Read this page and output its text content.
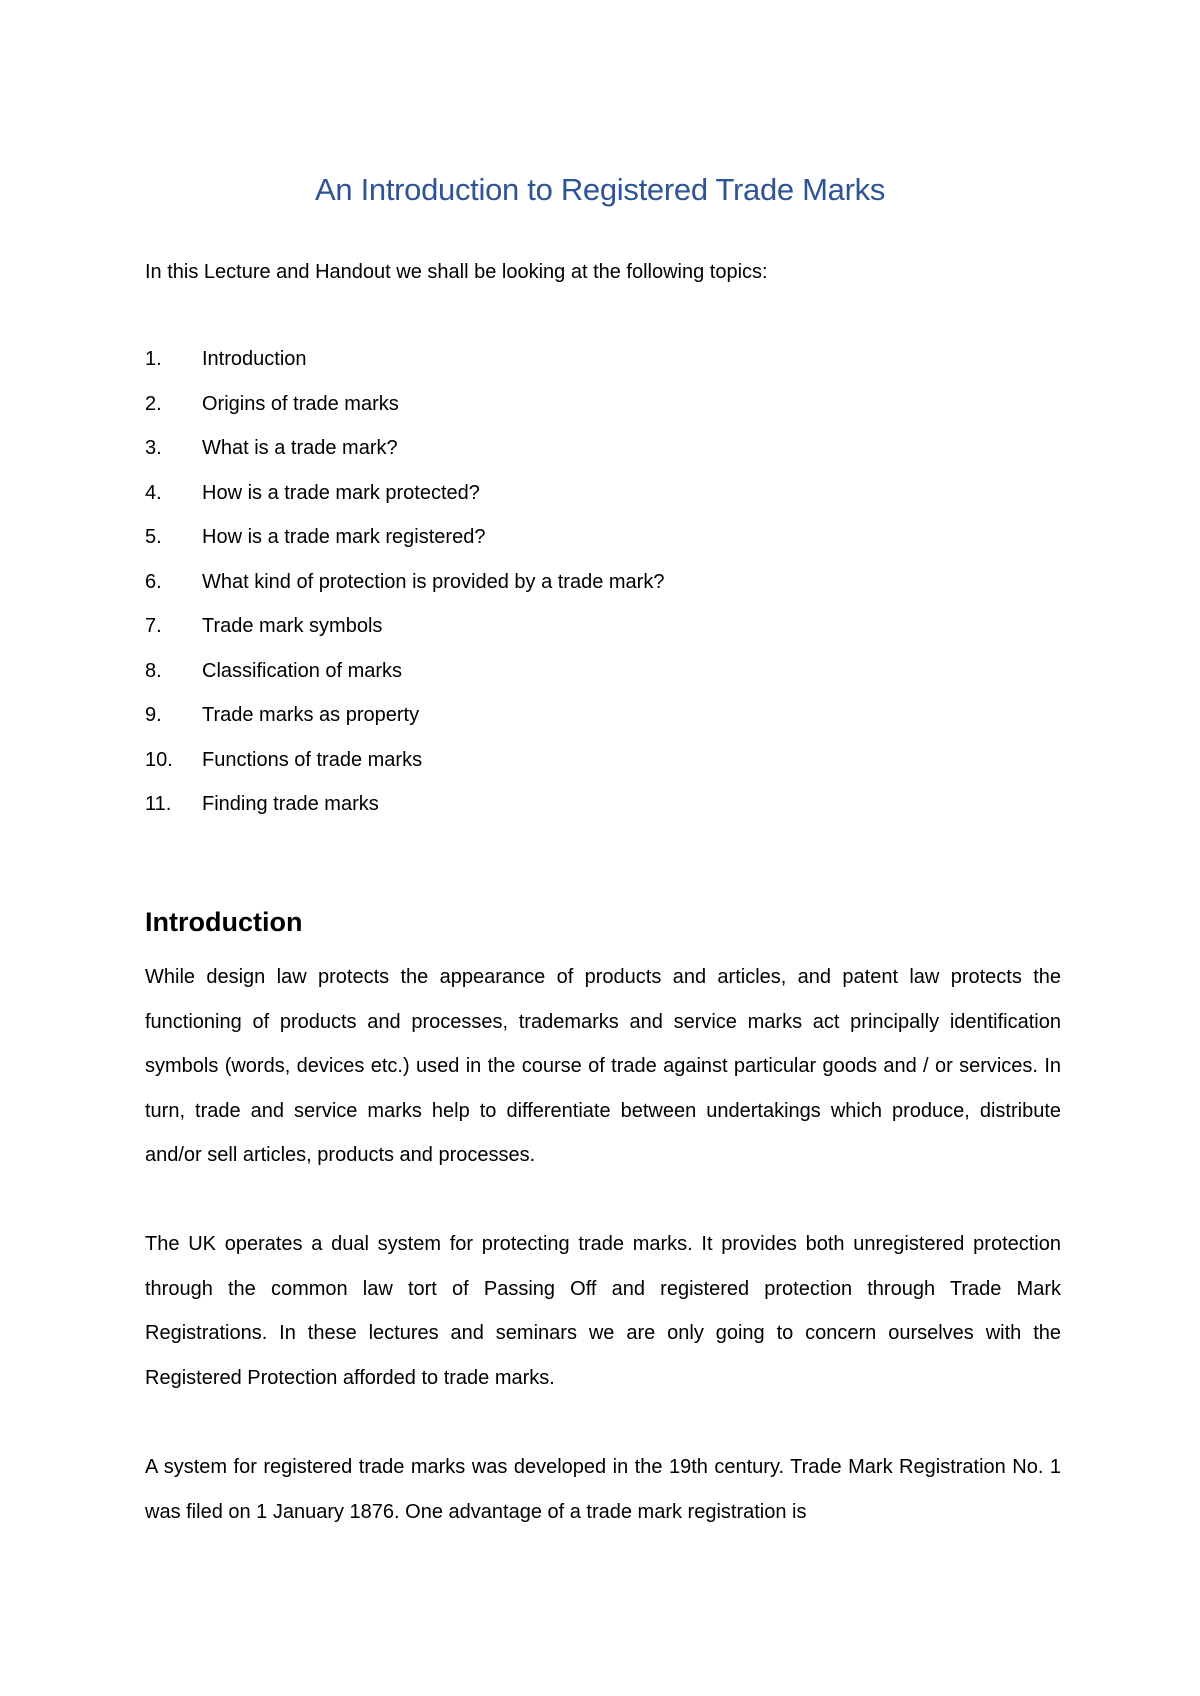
An Introduction to Registered Trade Marks

In this Lecture and Handout we shall be looking at the following topics:

1.	Introduction
2.	Origins of trade marks
3.	What is a trade mark?
4.	How is a trade mark protected?
5.	How is a trade mark registered?
6.	What kind of protection is provided by a trade mark?
7.	Trade mark symbols
8.	Classification of marks
9.	Trade marks as property
10.	Functions of trade marks
11.	Finding trade marks
Introduction

While design law protects the appearance of products and articles, and patent law protects the functioning of products and processes, trademarks and service marks act principally identification symbols (words, devices etc.) used in the course of trade against particular goods and / or services. In turn, trade and service marks help to differentiate between undertakings which produce, distribute and/or sell articles, products and processes.

The UK operates a dual system for protecting trade marks. It provides both unregistered protection through the common law tort of Passing Off and registered protection through Trade Mark Registrations. In these lectures and seminars we are only going to concern ourselves with the Registered Protection afforded to trade marks.

A system for registered trade marks was developed in the 19th century. Trade Mark Registration No. 1 was filed on 1 January 1876. One advantage of a trade mark registration is
